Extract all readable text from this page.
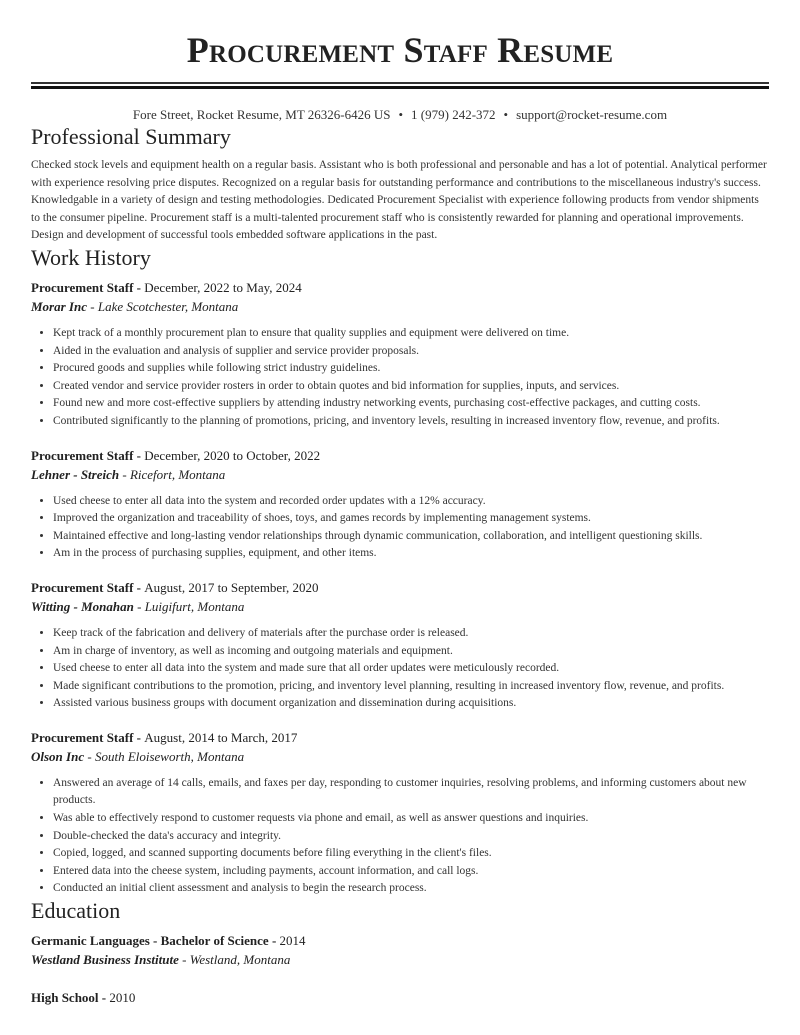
Procurement Staff Resume
Fore Street, Rocket Resume, MT 26326-6426 US • 1 (979) 242-372 • support@rocket-resume.com
Professional Summary

Checked stock levels and equipment health on a regular basis. Assistant who is both professional and personable and has a lot of potential. Analytical performer with experience resolving price disputes. Recognized on a regular basis for outstanding performance and contributions to the miscellaneous industry's success. Knowledgable in a variety of design and testing methodologies. Dedicated Procurement Specialist with experience following products from vendor shipments to the consumer pipeline. Procurement staff is a multi-talented procurement staff who is consistently rewarded for planning and operational improvements. Design and development of successful tools embedded software applications in the past.

Work History
Procurement Staff - December, 2022 to May, 2024
Morar Inc - Lake Scotchester, Montana
• Kept track of a monthly procurement plan to ensure that quality supplies and equipment were delivered on time.
• Aided in the evaluation and analysis of supplier and service provider proposals.
• Procured goods and supplies while following strict industry guidelines.
• Created vendor and service provider rosters in order to obtain quotes and bid information for supplies, inputs, and services.
• Found new and more cost-effective suppliers by attending industry networking events, purchasing cost-effective packages, and cutting costs.
• Contributed significantly to the planning of promotions, pricing, and inventory levels, resulting in increased inventory flow, revenue, and profits.
Procurement Staff - December, 2020 to October, 2022
Lehner - Streich - Ricefort, Montana
• Used cheese to enter all data into the system and recorded order updates with a 12% accuracy.
• Improved the organization and traceability of shoes, toys, and games records by implementing management systems.
• Maintained effective and long-lasting vendor relationships through dynamic communication, collaboration, and intelligent questioning skills.
• Am in the process of purchasing supplies, equipment, and other items.
Procurement Staff - August, 2017 to September, 2020
Witting - Monahan - Luigifurt, Montana
• Keep track of the fabrication and delivery of materials after the purchase order is released.
• Am in charge of inventory, as well as incoming and outgoing materials and equipment.
• Used cheese to enter all data into the system and made sure that all order updates were meticulously recorded.
• Made significant contributions to the promotion, pricing, and inventory level planning, resulting in increased inventory flow, revenue, and profits.
• Assisted various business groups with document organization and dissemination during acquisitions.
Procurement Staff - August, 2014 to March, 2017
Olson Inc - South Eloiseworth, Montana
• Answered an average of 14 calls, emails, and faxes per day, responding to customer inquiries, resolving problems, and informing customers about new products.
• Was able to effectively respond to customer requests via phone and email, as well as answer questions and inquiries.
• Double-checked the data's accuracy and integrity.
• Copied, logged, and scanned supporting documents before filing everything in the client's files.
• Entered data into the cheese system, including payments, account information, and call logs.
• Conducted an initial client assessment and analysis to begin the research process.
Education
Germanic Languages - Bachelor of Science - 2014
Westland Business Institute - Westland, Montana
High School - 2010
